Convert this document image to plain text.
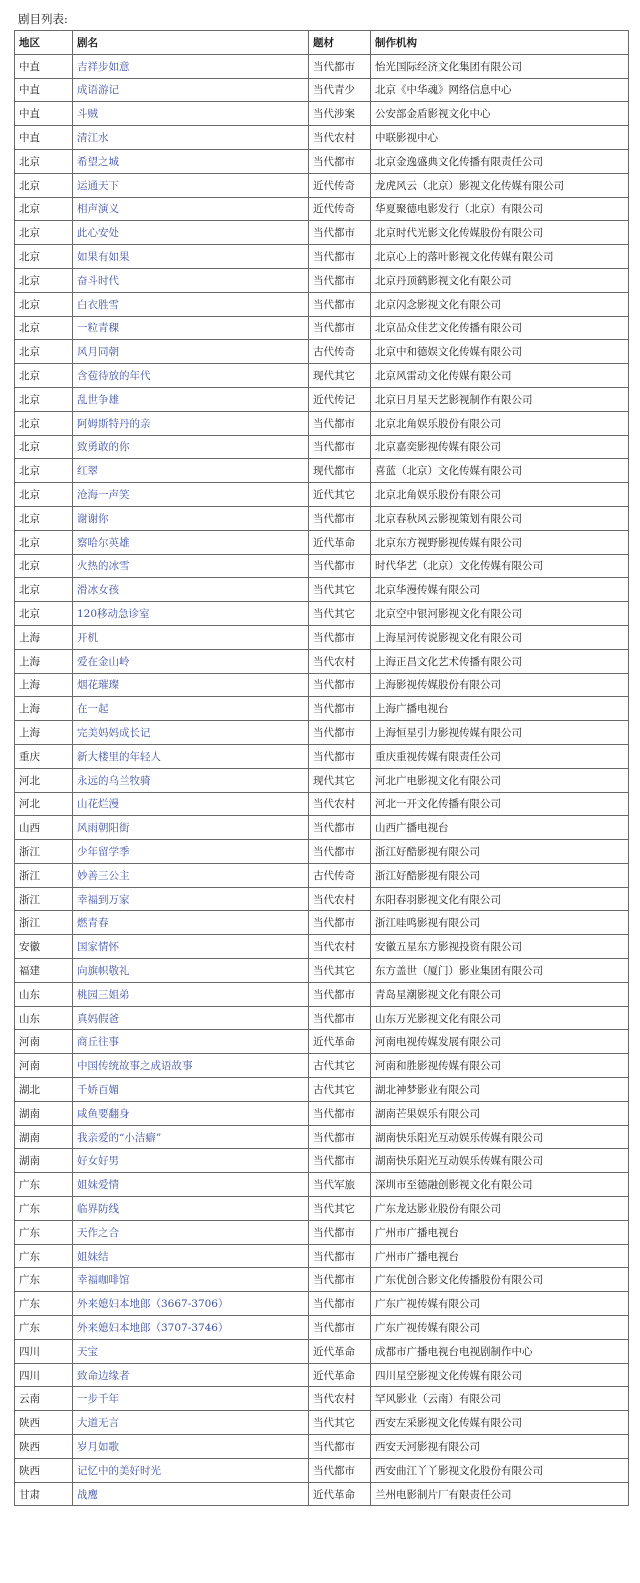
剧目列表:

地区	剧名	题材	制作机构
中直	吉祥步如意	当代都市	怡光国际经济文化集团有限公司
中直	成语游记	当代青少	北京《中华魂》网络信息中心
中直	斗贼	当代涉案	公安部金盾影视文化中心
中直	清江水	当代农村	中联影视中心
北京	希望之城	当代都市	北京金逸盛典文化传播有限责任公司
北京	运通天下	近代传奇	龙虎风云（北京）影视文化传媒有限公司
北京	相声演义	近代传奇	华夏聚德电影发行（北京）有限公司
北京	此心安处	当代都市	北京时代光影文化传媒股份有限公司
北京	如果有如果	当代都市	北京心上的落叶影视文化传媒有限公司
北京	奋斗时代	当代都市	北京丹顶鹤影视文化有限公司
北京	白衣胜雪	当代都市	北京闪念影视文化有限公司
北京	一粒青稞	当代都市	北京品众佳艺文化传播有限公司
北京	风月同朝	古代传奇	北京中和德娱文化传媒有限公司
北京	含苞待放的年代	现代其它	北京风雷动文化传媒有限公司
北京	乱世争雄	近代传记	北京日月星天艺影视制作有限公司
北京	阿姆斯特丹的亲	当代都市	北京北角娱乐股份有限公司
北京	致勇敢的你	当代都市	北京嘉奕影视传媒有限公司
北京	红翠	现代都市	喜蓝（北京）文化传媒有限公司
北京	沧海一声笑	近代其它	北京北角娱乐股份有限公司
北京	谢谢你	当代都市	北京春秋风云影视策划有限公司
北京	察哈尔英雄	近代革命	北京东方视野影视传媒有限公司
北京	火热的冰雪	当代都市	时代华艺（北京）文化传媒有限公司
北京	滑冰女孩	当代其它	北京华漫传媒有限公司
北京	120移动急诊室	当代其它	北京空中银河影视文化有限公司
上海	开机	当代都市	上海星河传说影视文化有限公司
上海	爱在金山岭	当代农村	上海正昌文化艺术传播有限公司
上海	烟花璀璨	当代都市	上海影视传媒股份有限公司
上海	在一起	当代都市	上海广播电视台
上海	完美妈妈成长记	当代都市	上海恒星引力影视传媒有限公司
重庆	新大楼里的年轻人	当代都市	重庆重视传媒有限责任公司
河北	永远的乌兰牧骑	现代其它	河北广电影视文化有限公司
河北	山花烂漫	当代农村	河北一开文化传播有限公司
山西	风雨朝阳街	当代都市	山西广播电视台
浙江	少年留学季	当代都市	浙江好酷影视有限公司
浙江	妙善三公主	古代传奇	浙江好酷影视有限公司
浙江	幸福到万家	当代农村	东阳春羽影视文化有限公司
浙江	燃青春	当代都市	浙江哇鸣影视有限公司
安徽	国家情怀	当代农村	安徽五星东方影视投资有限公司
福建	向旗帜敬礼	当代其它	东方盖世（厦门）影业集团有限公司
山东	桃园三姐弟	当代都市	青岛星潮影视文化有限公司
山东	真妈假爸	当代都市	山东万光影视文化有限公司
河南	商丘往事	近代革命	河南电视传媒发展有限公司
河南	中国传统故事之成语故事	古代其它	河南和胜影视传媒有限公司
湖北	千娇百媚	古代其它	湖北神梦影业有限公司
湖南	咸鱼要翻身	当代都市	湖南芒果娱乐有限公司
湖南	我亲爱的“小洁癖”	当代都市	湖南快乐阳光互动娱乐传媒有限公司
湖南	好女好男	当代都市	湖南快乐阳光互动娱乐传媒有限公司
广东	姐妹爱情	当代军旅	深圳市至德融创影视文化有限公司
广东	临界防线	当代其它	广东龙达影业股份有限公司
广东	天作之合	当代都市	广州市广播电视台
广东	姐妹结	当代都市	广州市广播电视台
广东	幸福咖啡馆	当代都市	广东优创合影文化传播股份有限公司
广东	外来媳妇本地郎（3667-3706）	当代都市	广东广视传媒有限公司
广东	外来媳妇本地郎（3707-3746）	当代都市	广东广视传媒有限公司
四川	天宝	近代革命	成都市广播电视台电视剧制作中心
四川	致命边缘者	近代革命	四川星空影视文化传媒有限公司
云南	一步千年	当代农村	罕风影业（云南）有限公司
陕西	大道无言	当代其它	西安左采影视文化传媒有限公司
陕西	岁月如歌	当代都市	西安天河影视有限公司
陕西	记忆中的美好时光	当代都市	西安曲江丫丫影视文化股份有限公司
甘肃	战鹰	近代革命	兰州电影制片厂有限责任公司
